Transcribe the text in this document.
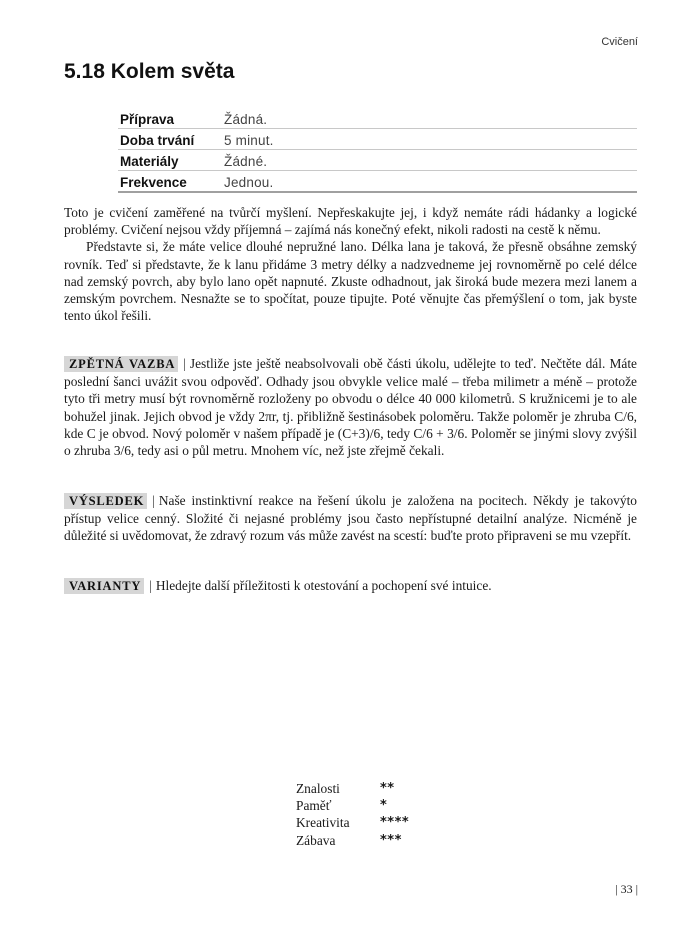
Cvičení
5.18 Kolem světa
Příprava	Žádná.
Doba trvání	5 minut.
Materiály	Žádné.
Frekvence	Jednou.

Toto je cvičení zaměřené na tvůrčí myšlení. Nepřeskakujte jej, i když nemáte rádi hádanky a logické problémy. Cvičení nejsou vždy příjemná – zajímá nás konečný efekt, nikoli radosti na cestě k němu.

Představte si, že máte velice dlouhé nepružné lano. Délka lana je taková, že přesně obsáhne zemský rovník. Teď si představte, že k lanu přidáme 3 metry délky a nadzvedneme jej rovnoměrně po celé délce nad zemský povrch, aby bylo lano opět napnuté. Zkuste odhadnout, jak široká bude mezera mezi lanem a zemským povrchem. Nesnažte se to spočítat, pouze tipujte. Poté věnujte čas přemýšlení o tom, jak byste tento úkol řešili.

ZPĚTNÁ VAZBA | Jestliže jste ještě neabsolvovali obě části úkolu, udělejte to teď. Nečtěte dál. Máte poslední šanci uvážit svou odpověď. Odhady jsou obvykle velice malé – třeba milimetr a méně – protože tyto tři metry musí být rovnoměrně rozloženy po obvodu o délce 40 000 kilometrů. S kružnicemi je to ale bohužel jinak. Jejich obvod je vždy 2πr, tj. přibližně šestinásobek poloměru. Takže poloměr je zhruba C/6, kde C je obvod. Nový poloměr v našem případě je (C+3)/6, tedy C/6 + 3/6. Poloměr se jinými slovy zvýšil o zhruba 3/6, tedy asi o půl metru. Mnohem víc, než jste zřejmě čekali.

VÝSLEDEK | Naše instinktivní reakce na řešení úkolu je založena na pocitech. Někdy je takovýto přístup velice cenný. Složité či nejasné problémy jsou často nepřístupné detailní analýze. Nicméně je důležité si uvědomovat, že zdravý rozum vás může zavést na scestí: buďte proto připraveni se mu vzepřít.

VARIANTY | Hledejte další příležitosti k otestování a pochopení své intuice.

Znalosti	**
Paměť	*
Kreativita	****
Zábava	***
| 33 |
